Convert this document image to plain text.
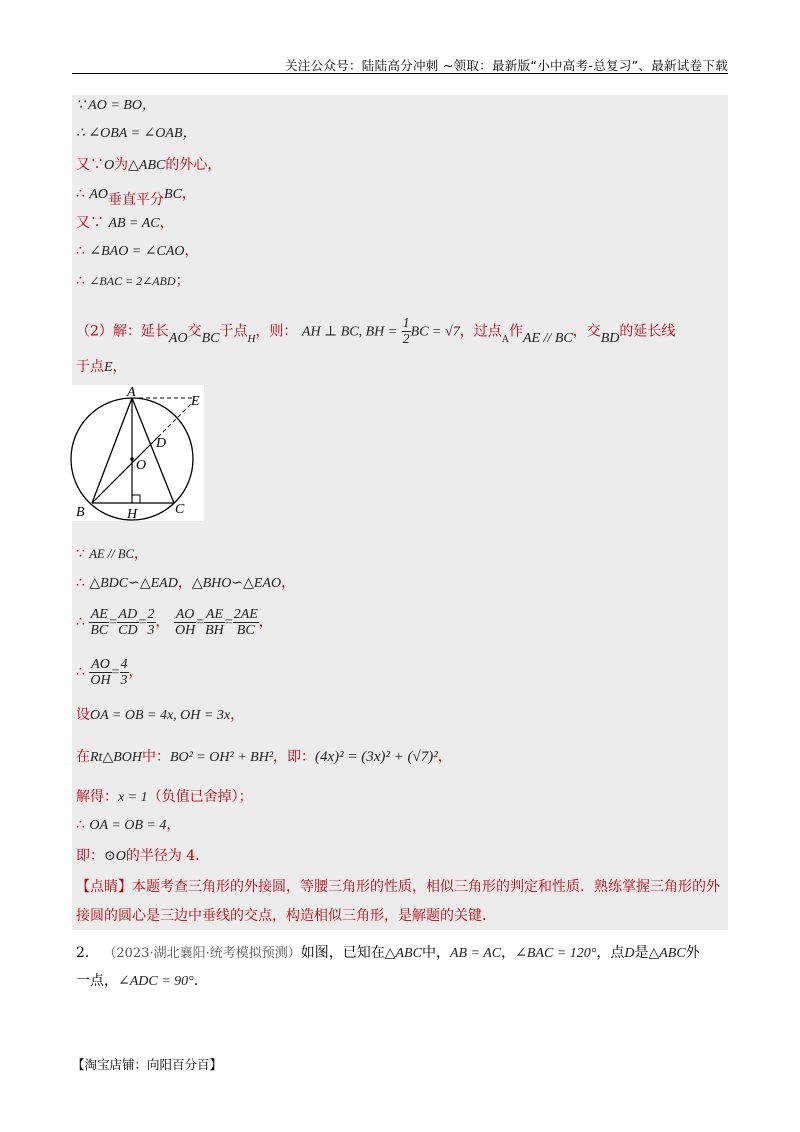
关注公众号：陆陆高分冲刺 ~领取：最新版“小中高考-总复习”、最新试卷下载
∵ AO = BO，
∴ ∠OBA = ∠OAB，
又∵O为△ABC的外心，
∴ AO垂直平分BC，
又∵ AB = AC，
∴ ∠BAO = ∠CAO，
∴ ∠BAC = 2∠ABD；
（2）解：延长AO交BC于点$_H$，则： AH ⊥ BC, BH = $\frac{1}{2}$ BC = √7，过点$_A$作AE // BC，交BD的延长线
于点E，
A
E
D
O
B	H	C
∵ AE // BC，
∴ △BDC∽△EAD，△BHO∽△EAO，
∴ $\frac{AE}{BC} = \frac{AD}{CD} = \frac{2}{3}$ ， $\frac{AO}{OH} = \frac{AE}{BH} = \frac{2AE}{BC}$ ，
∴ $\frac{AO}{OH} = \frac{4}{3}$ ，
设OA = OB = 4x, OH = 3x，
在Rt△BOH中：BO² = OH² + BH²，即：(4x)² = (3x)² + (√7)²，
解得：x = 1（负值已舍掉）；
∴ OA = OB = 4，
即：⊙O的半径为 4．
【点睛】本题考查三角形的外接圆，等腰三角形的性质，相似三角形的判定和性质．熟练掌握三角形的外
接圆的圆心是三边中垂线的交点，构造相似三角形，是解题的关键．
2． （2023·湖北襄阳·统考模拟预测）如图，已知在△ABC中，AB = AC，∠BAC = 120°，点D是△ABC外
一点，∠ADC = 90°．
【淘宝店铺：向阳百分百】
